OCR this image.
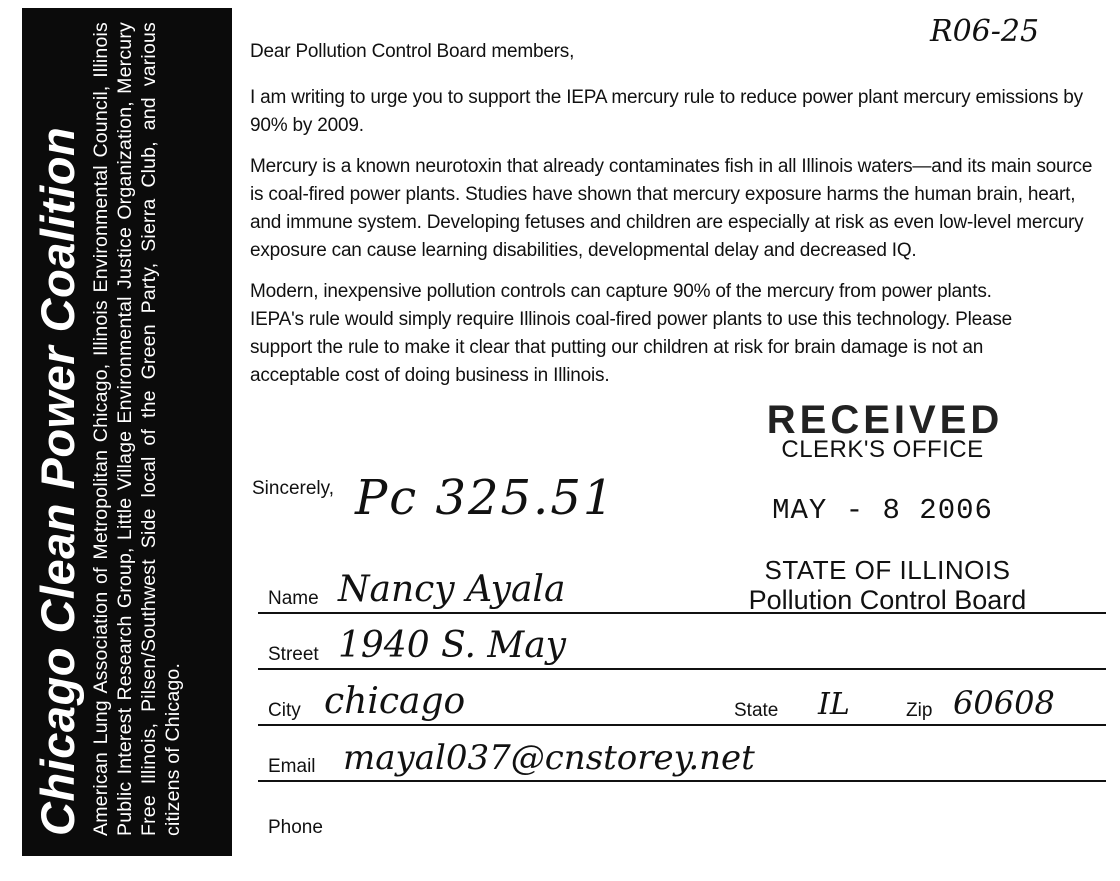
Chicago Clean Power Coalition American Lung Association of Metropolitan Chicago, Illinois Environmental Council, Illinois Public Interest Research Group, Little Village Environmental Justice Organization, Mercury Free Illinois, Pilsen/Southwest Side local of the Green Party, Sierra Club, and various citizens of Chicago.

R06-25

Dear Pollution Control Board members,

I am writing to urge you to support the IEPA mercury rule to reduce power plant mercury emissions by 90% by 2009.

Mercury is a known neurotoxin that already contaminates fish in all Illinois waters—and its main source is coal-fired power plants. Studies have shown that mercury exposure harms the human brain, heart, and immune system. Developing fetuses and children are especially at risk as even low-level mercury exposure can cause learning disabilities, developmental delay and decreased IQ.

Modern, inexpensive pollution controls can capture 90% of the mercury from power plants. IEPA's rule would simply require Illinois coal-fired power plants to use this technology. Please support the rule to make it clear that putting our children at risk for brain damage is not an acceptable cost of doing business in Illinois.

Sincerely, Pc 325.51
RECEIVED
CLERK'S OFFICE
MAY - 8 2006
STATE OF ILLINOIS
Pollution Control Board
Name Nancy Ayala
Street 1940 S. May
City chicago	State IL	Zip 60608
Email mayal037@cnstorey.net
Phone
